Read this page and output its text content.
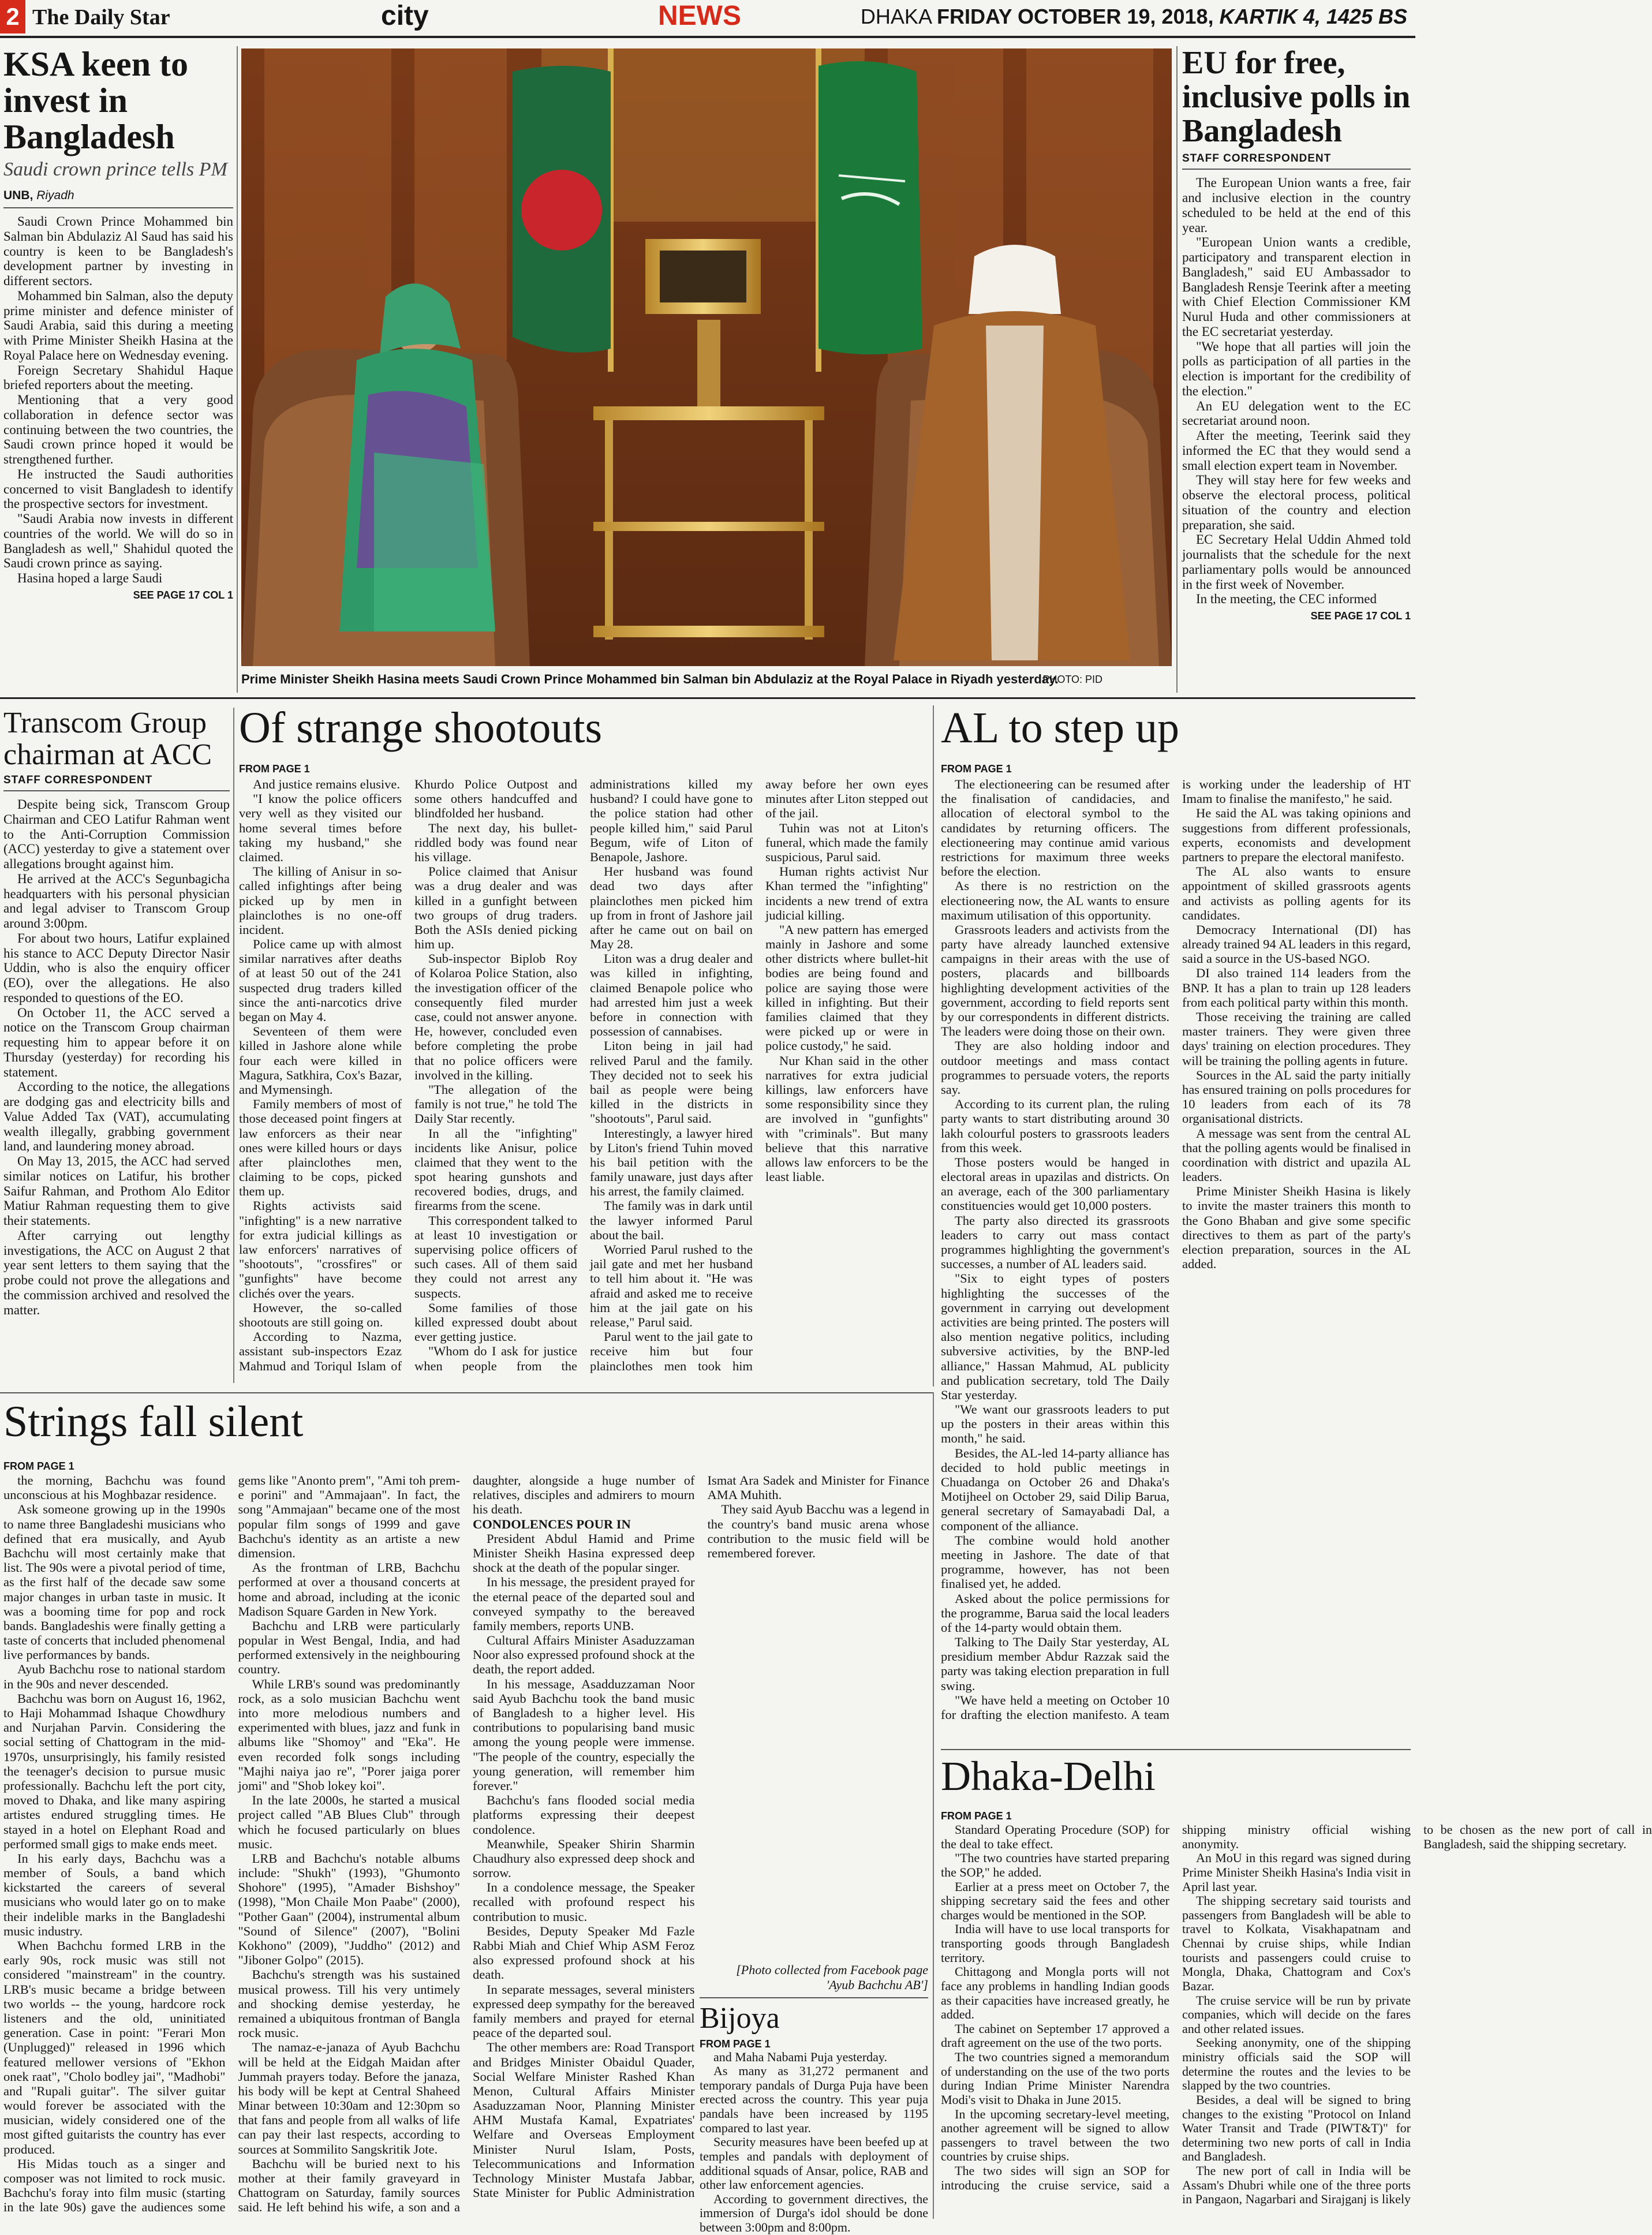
2 The Daily Star	city	NEWS	DHAKA FRIDAY OCTOBER 19, 2018, KARTIK 4, 1425 BS
KSA keen to invest in Bangladesh
Saudi crown prince tells PM
UNB, Riyadh

Saudi Crown Prince Mohammed bin Salman bin Abdulaziz Al Saud has said his country is keen to be Bangladesh's development partner by investing in different sectors.

Mohammed bin Salman, also the deputy prime minister and defence minister of Saudi Arabia, said this during a meeting with Prime Minister Sheikh Hasina at the Royal Palace here on Wednesday evening.

Foreign Secretary Shahidul Haque briefed reporters about the meeting.

Mentioning that a very good collaboration in defence sector was continuing between the two countries, the Saudi crown prince hoped it would be strengthened further.

He instructed the Saudi authorities concerned to visit Bangladesh to identify the prospective sectors for investment.

"Saudi Arabia now invests in different countries of the world. We will do so in Bangladesh as well," Shahidul quoted the Saudi crown prince as saying.

Hasina hoped a large Saudi

SEE PAGE 17 COL 1
Prime Minister Sheikh Hasina meets Saudi Crown Prince Mohammed bin Salman bin Abdulaziz at the Royal Palace in Riyadh yesterday.
PHOTO: PID
EU for free, inclusive polls in Bangladesh
STAFF CORRESPONDENT

The European Union wants a free, fair and inclusive election in the country scheduled to be held at the end of this year.

"European Union wants a credible, participatory and transparent election in Bangladesh," said EU Ambassador to Bangladesh Rensje Teerink after a meeting with Chief Election Commissioner KM Nurul Huda and other commissioners at the EC secretariat yesterday.

"We hope that all parties will join the polls as participation of all parties in the election is important for the credibility of the election."

An EU delegation went to the EC secretariat around noon.

After the meeting, Teerink said they informed the EC that they would send a small election expert team in November.

They will stay here for few weeks and observe the electoral process, political situation of the country and election preparation, she said.

EC Secretary Helal Uddin Ahmed told journalists that the schedule for the next parliamentary polls would be announced in the first week of November.

In the meeting, the CEC informed

SEE PAGE 17 COL 1
Transcom Group chairman at ACC
STAFF CORRESPONDENT

Despite being sick, Transcom Group Chairman and CEO Latifur Rahman went to the Anti-Corruption Commission (ACC) yesterday to give a statement over allegations brought against him.

He arrived at the ACC's Segunbagicha headquarters with his personal physician and legal adviser to Transcom Group around 3:00pm.

For about two hours, Latifur explained his stance to ACC Deputy Director Nasir Uddin, who is also the enquiry officer (EO), over the allegations. He also responded to questions of the EO.

On October 11, the ACC served a notice on the Transcom Group chairman requesting him to appear before it on Thursday (yesterday) for recording his statement.

According to the notice, the allegations are dodging gas and electricity bills and Value Added Tax (VAT), accumulating wealth illegally, grabbing government land, and laundering money abroad.

On May 13, 2015, the ACC had served similar notices on Latifur, his brother Saifur Rahman, and Prothom Alo Editor Matiur Rahman requesting them to give their statements.

After carrying out lengthy investigations, the ACC on August 2 that year sent letters to them saying that the probe could not prove the allegations and the commission archived and resolved the matter.

Of strange shootouts
FROM PAGE 1

And justice remains elusive.

"I know the police officers very well as they visited our home several times before taking my husband," she claimed.

The killing of Anisur in so-called infightings after being picked up by men in plainclothes is no one-off incident.

Police came up with almost similar narratives after deaths of at least 50 out of the 241 suspected drug traders killed since the anti-narcotics drive began on May 4.

Seventeen of them were killed in Jashore alone while four each were killed in Magura, Satkhira, Cox's Bazar, and Mymensingh.

Family members of most of those deceased point fingers at law enforcers as their near ones were killed hours or days after plainclothes men, claiming to be cops, picked them up.

Rights activists said "infighting" is a new narrative for extra judicial killings as law enforcers' narratives of "shootouts", "crossfires" or "gunfights" have become clichés over the years.

However, the so-called shootouts are still going on.

According to Nazma, assistant sub-inspectors Ezaz Mahmud and Toriqul Islam of Khurdo Police Outpost and some others handcuffed and blindfolded her husband.

The next day, his bullet-riddled body was found near his village.

Police claimed that Anisur was a drug dealer and was killed in a gunfight between two groups of drug traders. Both the ASIs denied picking him up.

Sub-inspector Biplob Roy of Kolaroa Police Station, also the investigation officer of the consequently filed murder case, could not answer anyone. He, however, concluded even before completing the probe that no police officers were involved in the killing.

"The allegation of the family is not true," he told The Daily Star recently.

In all the "infighting" incidents like Anisur, police claimed that they went to the spot hearing gunshots and recovered bodies, drugs, and firearms from the scene.

This correspondent talked to at least 10 investigation or supervising police officers of such cases. All of them said they could not arrest any suspects.

Some families of those killed expressed doubt about ever getting justice.

"Whom do I ask for justice when people from the administrations killed my husband? I could have gone to the police station had other people killed him," said Parul Begum, wife of Liton of Benapole, Jashore.

Her husband was found dead two days after plainclothes men picked him up from in front of Jashore jail after he came out on bail on May 28.

Liton was a drug dealer and was killed in infighting, claimed Benapole police who had arrested him just a week before in connection with possession of cannabises.

Liton being in jail had relived Parul and the family. They decided not to seek his bail as people were being killed in the districts in "shootouts", Parul said.

Interestingly, a lawyer hired by Liton's friend Tuhin moved his bail petition with the family unaware, just days after his arrest, the family claimed.

The family was in dark until the lawyer informed Parul about the bail.

Worried Parul rushed to the jail gate and met her husband to tell him about it. "He was afraid and asked me to receive him at the jail gate on his release," Parul said.

Parul went to the jail gate to receive him but four plainclothes men took him away before her own eyes minutes after Liton stepped out of the jail.

Tuhin was not at Liton's funeral, which made the family suspicious, Parul said.

Human rights activist Nur Khan termed the "infighting" incidents a new trend of extra judicial killing.

"A new pattern has emerged mainly in Jashore and some other districts where bullet-hit bodies are being found and police are saying those were killed in infighting. But their families claimed that they were picked up or were in police custody," he said.

Nur Khan said in the other narratives for extra judicial killings, law enforcers have some responsibility since they are involved in "gunfights" with "criminals". But many believe that this narrative allows law enforcers to be the least liable.

AL to step up
FROM PAGE 1

The electioneering can be resumed after the finalisation of candidacies, and allocation of electoral symbol to the candidates by returning officers. The electioneering may continue amid various restrictions for maximum three weeks before the election.

As there is no restriction on the electioneering now, the AL wants to ensure maximum utilisation of this opportunity.

Grassroots leaders and activists from the party have already launched extensive campaigns in their areas with the use of posters, placards and billboards highlighting development activities of the government, according to field reports sent by our correspondents in different districts. The leaders were doing those on their own.

They are also holding indoor and outdoor meetings and mass contact programmes to persuade voters, the reports say.

According to its current plan, the ruling party wants to start distributing around 30 lakh colourful posters to grassroots leaders from this week.

Those posters would be hanged in electoral areas in upazilas and districts. On an average, each of the 300 parliamentary constituencies would get 10,000 posters.

The party also directed its grassroots leaders to carry out mass contact programmes highlighting the government's successes, a number of AL leaders said.

"Six to eight types of posters highlighting the successes of the government in carrying out development activities are being printed. The posters will also mention negative politics, including subversive activities, by the BNP-led alliance," Hassan Mahmud, AL publicity and publication secretary, told The Daily Star yesterday.

"We want our grassroots leaders to put up the posters in their areas within this month," he said.

Besides, the AL-led 14-party alliance has decided to hold public meetings in Chuadanga on October 26 and Dhaka's Motijheel on October 29, said Dilip Barua, general secretary of Samayabadi Dal, a component of the alliance.

The combine would hold another meeting in Jashore. The date of that programme, however, has not been finalised yet, he added.

Asked about the police permissions for the programme, Barua said the local leaders of the 14-party would obtain them.

Talking to The Daily Star yesterday, AL presidium member Abdur Razzak said the party was taking election preparation in full swing.

"We have held a meeting on October 10 for drafting the election manifesto. A team is working under the leadership of HT Imam to finalise the manifesto," he said.

He said the AL was taking opinions and suggestions from different professionals, experts, economists and development partners to prepare the electoral manifesto.

The AL also wants to ensure appointment of skilled grassroots agents and activists as polling agents for its candidates.

Democracy International (DI) has already trained 94 AL leaders in this regard, said a source in the US-based NGO.

DI also trained 114 leaders from the BNP. It has a plan to train up 128 leaders from each political party within this month.

Those receiving the training are called master trainers. They were given three days' training on election procedures. They will be training the polling agents in future.

Sources in the AL said the party initially has ensured training on polls procedures for 10 leaders from each of its 78 organisational districts.

A message was sent from the central AL that the polling agents would be finalised in coordination with district and upazila AL leaders.

Prime Minister Sheikh Hasina is likely to invite the master trainers this month to the Gono Bhaban and give some specific directives to them as part of the party's election preparation, sources in the AL added.

Strings fall silent
FROM PAGE 1

the morning, Bachchu was found unconscious at his Moghbazar residence.

Ask someone growing up in the 1990s to name three Bangladeshi musicians who defined that era musically, and Ayub Bachchu will most certainly make that list. The 90s were a pivotal period of time, as the first half of the decade saw some major changes in urban taste in music. It was a booming time for pop and rock bands. Bangladeshis were finally getting a taste of concerts that included phenomenal live performances by bands.

Ayub Bachchu rose to national stardom in the 90s and never descended.

Bachchu was born on August 16, 1962, to Haji Mohammad Ishaque Chowdhury and Nurjahan Parvin. Considering the social setting of Chattogram in the mid-1970s, unsurprisingly, his family resisted the teenager's decision to pursue music professionally. Bachchu left the port city, moved to Dhaka, and like many aspiring artistes endured struggling times. He stayed in a hotel on Elephant Road and performed small gigs to make ends meet.

In his early days, Bachchu was a member of Souls, a band which kickstarted the careers of several musicians who would later go on to make their indelible marks in the Bangladeshi music industry.

When Bachchu formed LRB in the early 90s, rock music was still not considered "mainstream" in the country. LRB's music became a bridge between two worlds -- the young, hardcore rock listeners and the old, uninitiated generation. Case in point: "Ferari Mon (Unplugged)" released in 1996 which featured mellower versions of "Ekhon onek raat", "Cholo bodley jai", "Madhobi" and "Rupali guitar". The silver guitar would forever be associated with the musician, widely considered one of the most gifted guitarists the country has ever produced.

His Midas touch as a singer and composer was not limited to rock music. Bachchu's foray into film music (starting in the late 90s) gave the audiences some gems like "Anonto prem", "Ami toh prem-e porini" and "Ammajaan". In fact, the song "Ammajaan" became one of the most popular film songs of 1999 and gave Bachchu's identity as an artiste a new dimension.

As the frontman of LRB, Bachchu performed at over a thousand concerts at home and abroad, including at the iconic Madison Square Garden in New York.

Bachchu and LRB were particularly popular in West Bengal, India, and had performed extensively in the neighbouring country.

While LRB's sound was predominantly rock, as a solo musician Bachchu went into more melodious numbers and experimented with blues, jazz and funk in albums like "Shomoy" and "Eka". He even recorded folk songs including "Majhi naiya jao re", "Porer jaiga porer jomi" and "Shob lokey koi".

In the late 2000s, he started a musical project called "AB Blues Club" through which he focused particularly on blues music.

LRB and Bachchu's notable albums include: "Shukh" (1993), "Ghumonto Shohore" (1995), "Amader Bishshoy" (1998), "Mon Chaile Mon Paabe" (2000), "Pother Gaan" (2004), instrumental album "Sound of Silence" (2007), "Bolini Kokhono" (2009), "Juddho" (2012) and "Jiboner Golpo" (2015).

Bachchu's strength was his sustained musical prowess. Till his very untimely and shocking demise yesterday, he remained a ubiquitous frontman of Bangla rock music.

The namaz-e-janaza of Ayub Bachchu will be held at the Eidgah Maidan after Jummah prayers today. Before the janaza, his body will be kept at Central Shaheed Minar between 10:30am and 12:30pm so that fans and people from all walks of life can pay their last respects, according to sources at Sommilito Sangskritik Jote.

Bachchu will be buried next to his mother at their family graveyard in Chattogram on Saturday, family sources said. He left behind his wife, a son and a daughter, alongside a huge number of relatives, disciples and admirers to mourn his death.

CONDOLENCES POUR IN

President Abdul Hamid and Prime Minister Sheikh Hasina expressed deep shock at the death of the popular singer.

In his message, the president prayed for the eternal peace of the departed soul and conveyed sympathy to the bereaved family members, reports UNB.

Cultural Affairs Minister Asaduzzaman Noor also expressed profound shock at the death, the report added.

In his message, Asadduzzaman Noor said Ayub Bachchu took the band music of Bangladesh to a higher level. His contributions to popularising band music among the young people were immense. "The people of the country, especially the young generation, will remember him forever."

Bachchu's fans flooded social media platforms expressing their deepest condolence.

Meanwhile, Speaker Shirin Sharmin Chaudhury also expressed deep shock and sorrow.

In a condolence message, the Speaker recalled with profound respect his contribution to music.

Besides, Deputy Speaker Md Fazle Rabbi Miah and Chief Whip ASM Feroz also expressed profound shock at his death.

In separate messages, several ministers expressed deep sympathy for the bereaved family members and prayed for eternal peace of the departed soul.

The other members are: Road Transport and Bridges Minister Obaidul Quader, Social Welfare Minister Rashed Khan Menon, Cultural Affairs Minister Asaduzzaman Noor, Planning Minister AHM Mustafa Kamal, Expatriates' Welfare and Overseas Employment Minister Nurul Islam, Posts, Telecommunications and Information Technology Minister Mustafa Jabbar, State Minister for Public Administration Ismat Ara Sadek and Minister for Finance AMA Muhith.

They said Ayub Bacchu was a legend in the country's band music arena whose contribution to the music field will be remembered forever.

[Photo collected from Facebook page
'Ayub Bachchu AB']
Bijoya
FROM PAGE 1

and Maha Nabami Puja yesterday.

As many as 31,272 permanent and temporary pandals of Durga Puja have been erected across the country. This year puja pandals have been increased by 1195 compared to last year.

Security measures have been beefed up at temples and pandals with deployment of additional squads of Ansar, police, RAB and other law enforcement agencies.

According to government directives, the immersion of Durga's idol should be done between 3:00pm and 8:00pm.

Dhaka-Delhi
FROM PAGE 1

Standard Operating Procedure (SOP) for the deal to take effect.

"The two countries have started preparing the SOP," he added.

Earlier at a press meet on October 7, the shipping secretary said the fees and other charges would be mentioned in the SOP.

India will have to use local transports for transporting goods through Bangladesh territory.

Chittagong and Mongla ports will not face any problems in handling Indian goods as their capacities have increased greatly, he added.

The cabinet on September 17 approved a draft agreement on the use of the two ports.

The two countries signed a memorandum of understanding on the use of the two ports during Indian Prime Minister Narendra Modi's visit to Dhaka in June 2015.

In the upcoming secretary-level meeting, another agreement will be signed to allow passengers to travel between the two countries by cruise ships.

The two sides will sign an SOP for introducing the cruise service, said a shipping ministry official wishing anonymity.

An MoU in this regard was signed during Prime Minister Sheikh Hasina's India visit in April last year.

The shipping secretary said tourists and passengers from Bangladesh will be able to travel to Kolkata, Visakhapatnam and Chennai by cruise ships, while Indian tourists and passengers could cruise to Mongla, Dhaka, Chattogram and Cox's Bazar.

The cruise service will be run by private companies, which will decide on the fares and other related issues.

Seeking anonymity, one of the shipping ministry officials said the SOP will determine the routes and the levies to be slapped by the two countries.

Besides, a deal will be signed to bring changes to the existing "Protocol on Inland Water Transit and Trade (PIWT&T)" for determining two new ports of call in India and Bangladesh.

The new port of call in India will be Assam's Dhubri while one of the three ports in Pangaon, Nagarbari and Sirajganj is likely to be chosen as the new port of call in Bangladesh, said the shipping secretary.
